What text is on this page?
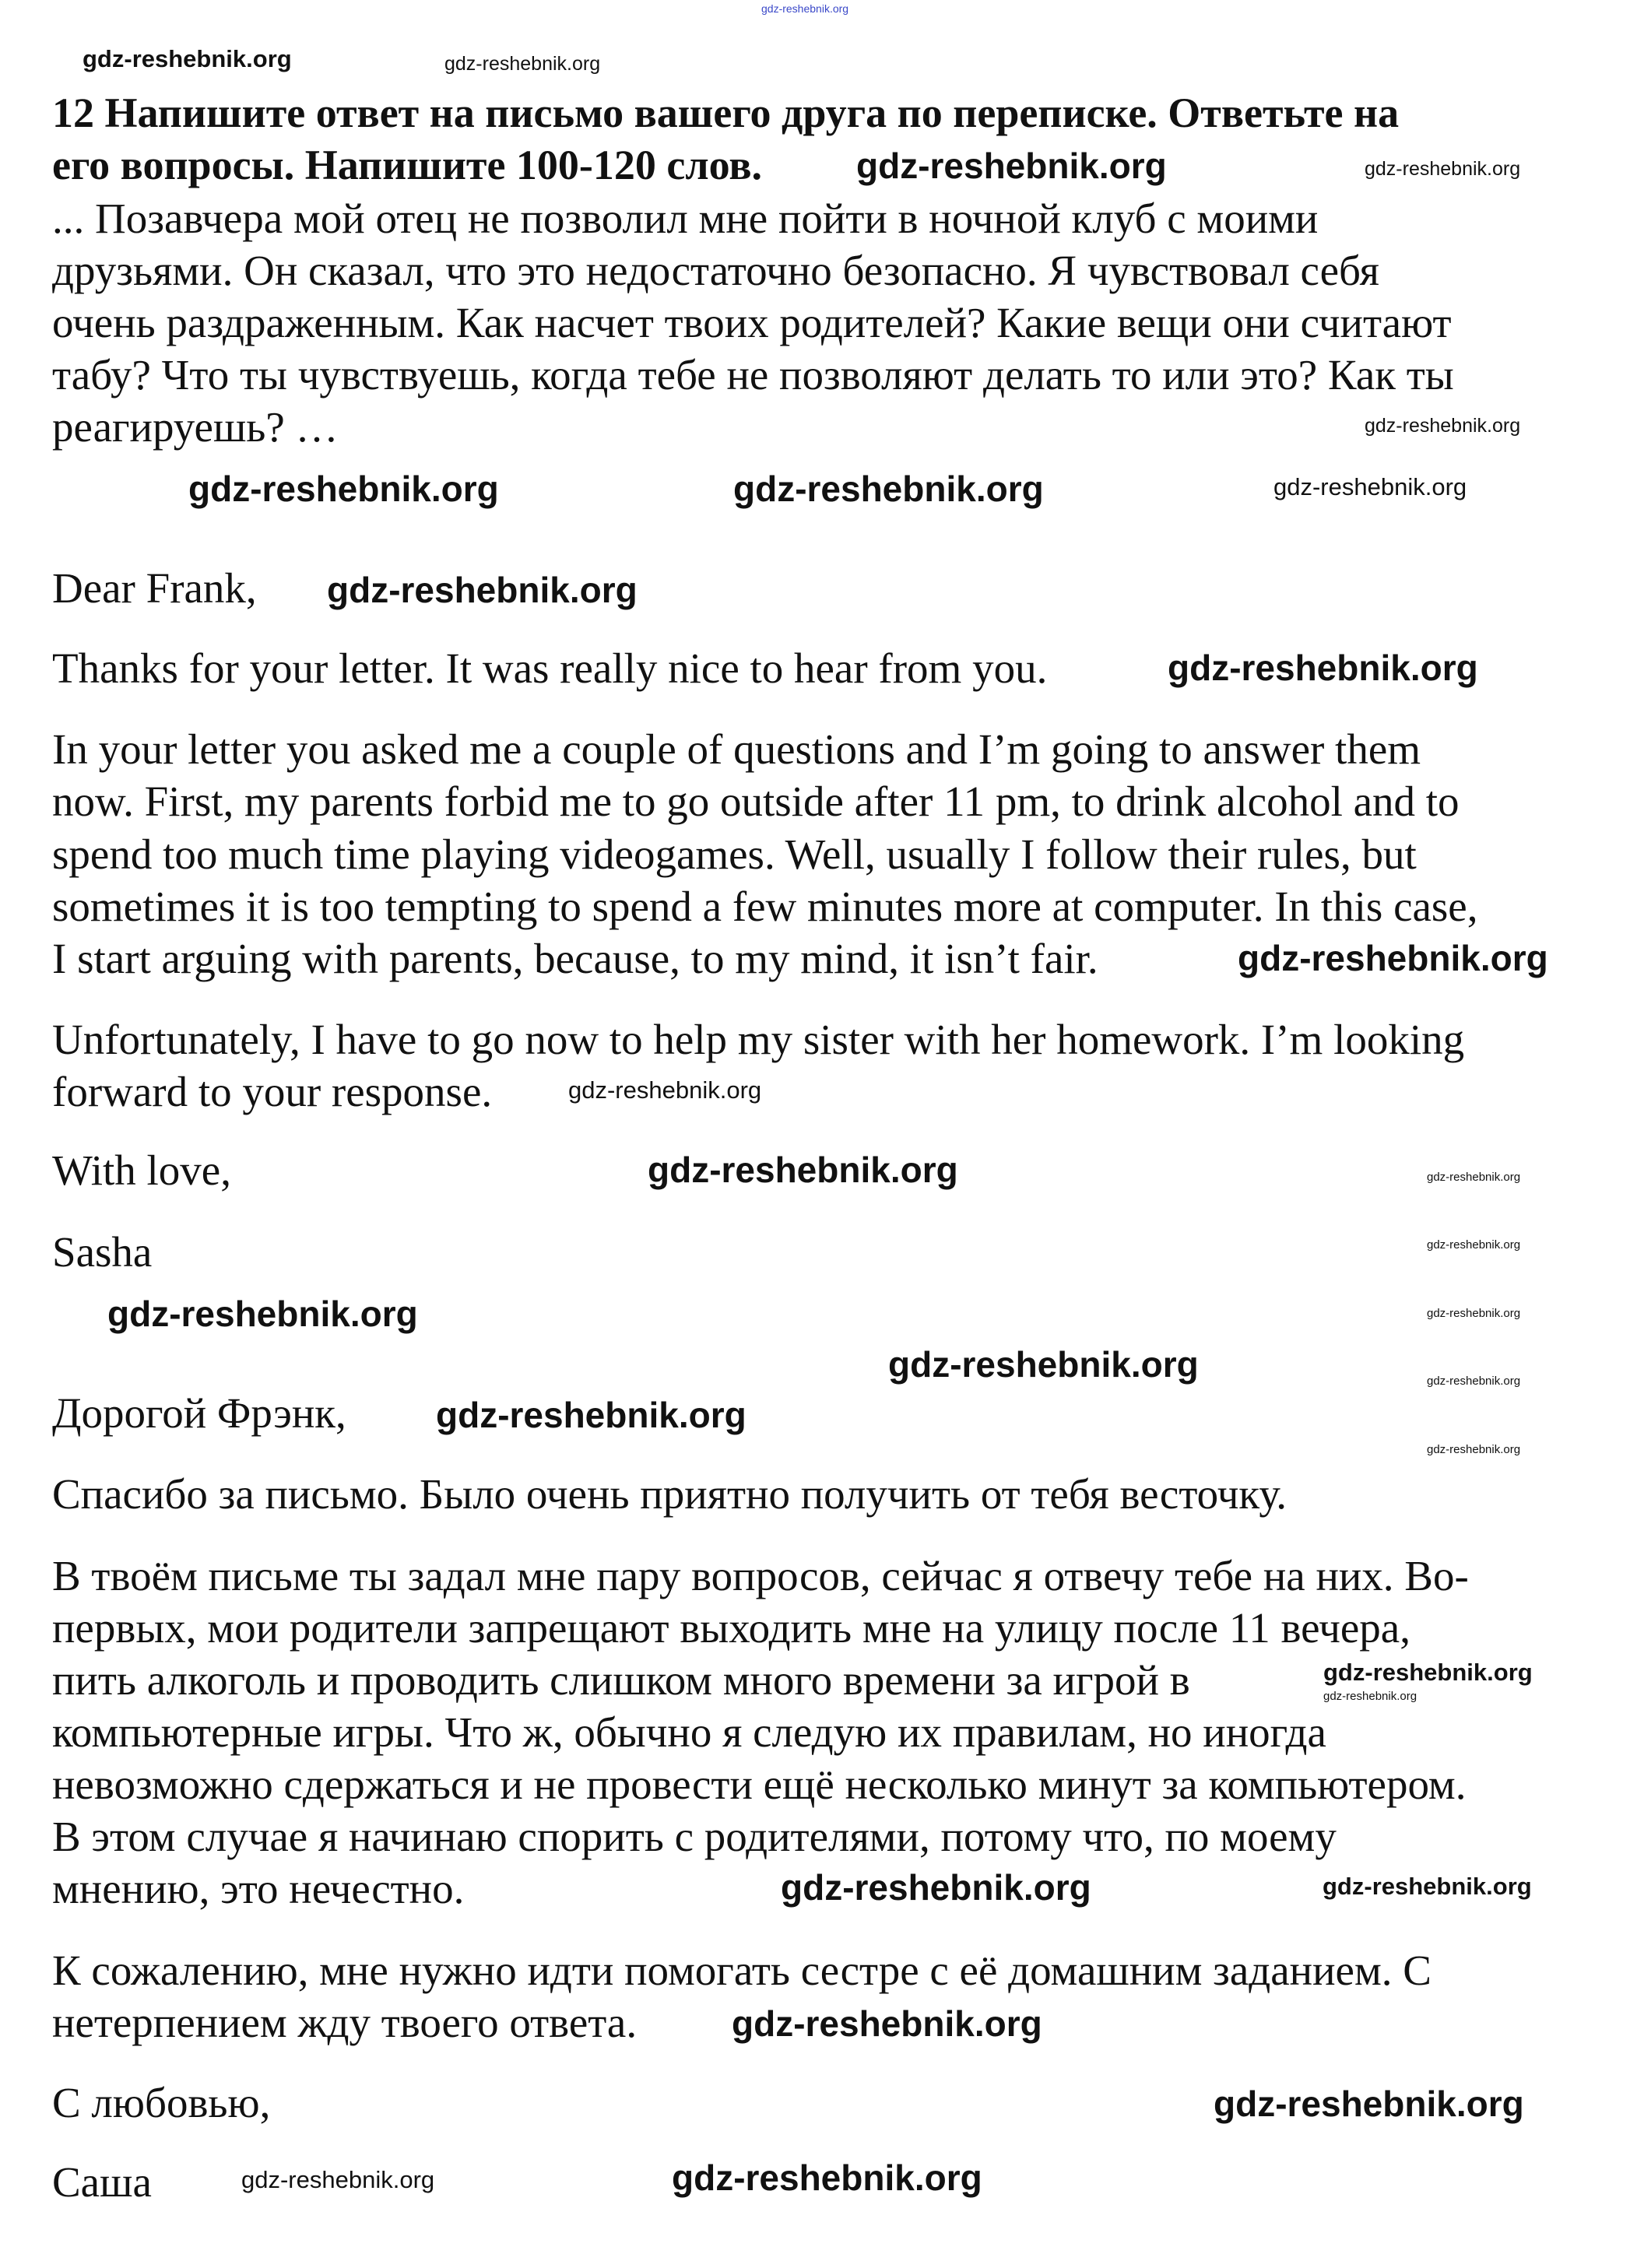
12 Напишите ответ на письмо вашего друга по переписке. Ответьте на
его вопросы. Напишите 100-120 слов.
... Позавчера мой отец не позволил мне пойти в ночной клуб с моими
друзьями. Он сказал, что это недостаточно безопасно. Я чувствовал себя
очень раздраженным. Как насчет твоих родителей? Какие вещи они считают
табу? Что ты чувствуешь, когда тебе не позволяют делать то или это? Как ты
реагируешь? …
Dear Frank,
Thanks for your letter. It was really nice to hear from you.
In your letter you asked me a couple of questions and I’m going to answer them
now. First, my parents forbid me to go outside after 11 pm, to drink alcohol and to
spend too much time playing videogames. Well, usually I follow their rules, but
sometimes it is too tempting to spend a few minutes more at computer. In this case,
I start arguing with parents, because, to my mind, it isn’t fair.
Unfortunately, I have to go now to help my sister with her homework. I’m looking
forward to your response.
With love,
Sasha
Дорогой Фрэнк,
Спасибо за письмо. Было очень приятно получить от тебя весточку.
В твоём письме ты задал мне пару вопросов, сейчас я отвечу тебе на них. Во-
первых, мои родители запрещают выходить мне на улицу после 11 вечера,
пить алкоголь и проводить слишком много времени за игрой в
компьютерные игры. Что ж, обычно я следую их правилам, но иногда
невозможно сдержаться и не провести ещё несколько минут за компьютером.
В этом случае я начинаю спорить с родителями, потому что, по моему
мнению, это нечестно.
К сожалению, мне нужно идти помогать сестре с её домашним заданием. С
нетерпением жду твоего ответа.
С любовью,
Саша
gdz-reshebnik.org
gdz-reshebnik.org	gdz-reshebnik.org
gdz-reshebnik.org	gdz-reshebnik.org
gdz-reshebnik.org
gdz-reshebnik.org	gdz-reshebnik.org	gdz-reshebnik.org
gdz-reshebnik.org
gdz-reshebnik.org
gdz-reshebnik.org
gdz-reshebnik.org
gdz-reshebnik.org	gdz-reshebnik.org
gdz-reshebnik.org
gdz-reshebnik.org
gdz-reshebnik.org
gdz-reshebnik.org
gdz-reshebnik.org
gdz-reshebnik.org
gdz-reshebnik.org
gdz-reshebnik.org
gdz-reshebnik.org
gdz-reshebnik.org	gdz-reshebnik.org
gdz-reshebnik.org
gdz-reshebnik.org
gdz-reshebnik.org	gdz-reshebnik.org
